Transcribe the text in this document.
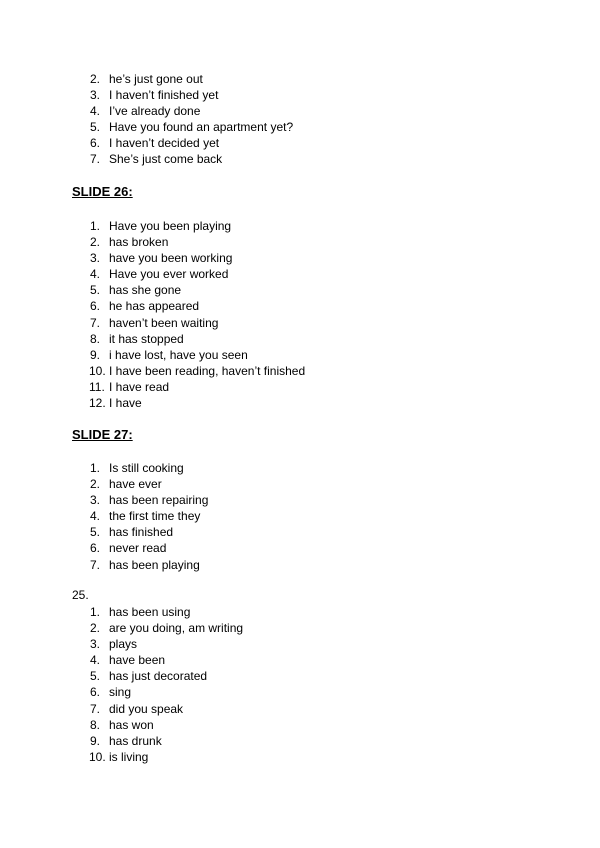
2. he’s just gone out
3. I haven’t finished yet
4. I’ve already done
5. Have you found an apartment yet?
6. I haven’t decided yet
7. She’s just come back
SLIDE 26:
1. Have you been playing
2. has broken
3. have you been working
4. Have you ever worked
5. has she gone
6. he has appeared
7. haven’t been waiting
8. it has stopped
9. i have lost, have you seen
10. I have been reading, haven’t finished
11. I have read
12. I have
SLIDE 27:
1. Is still cooking
2. have ever
3. has been repairing
4. the first time they
5. has finished
6. never read
7. has been playing
25.
1. has been using
2. are you doing, am writing
3. plays
4. have been
5. has just decorated
6. sing
7. did you speak
8. has won
9. has drunk
10. is living
